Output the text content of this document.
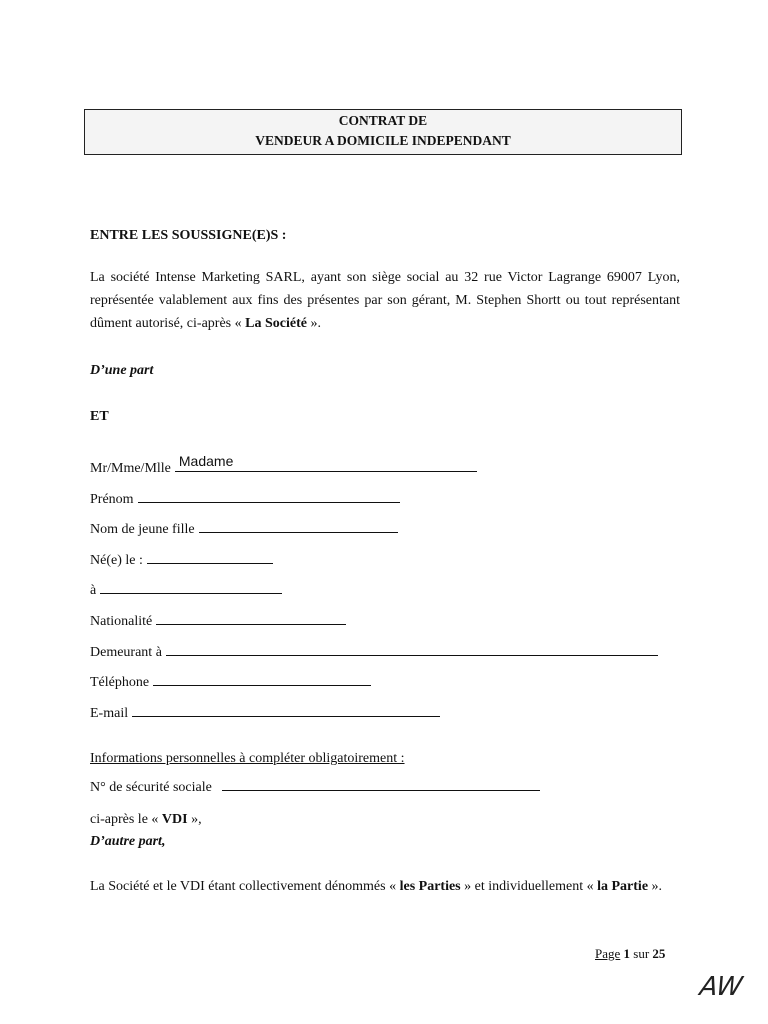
CONTRAT DE
VENDEUR A DOMICILE INDEPENDANT
ENTRE LES SOUSSIGNE(E)S :
La société Intense Marketing SARL, ayant son siège social au 32 rue Victor Lagrange 69007 Lyon, représentée valablement aux fins des présentes par son gérant, M. Stephen Shortt ou tout représentant dûment autorisé, ci-après « La Société ».
D’une part
ET
Mr/Mme/Mlle Madame
Prénom
Nom de jeune fille
Né(e) le :
à
Nationalité
Demeurant à
Téléphone
E-mail
Informations personnelles à compléter obligatoirement :
N° de sécurité sociale
ci-après le « VDI »,
D’autre part,
La Société et le VDI étant collectivement dénommés « les Parties » et individuellement « la Partie ».
Page 1 sur 25
AW
